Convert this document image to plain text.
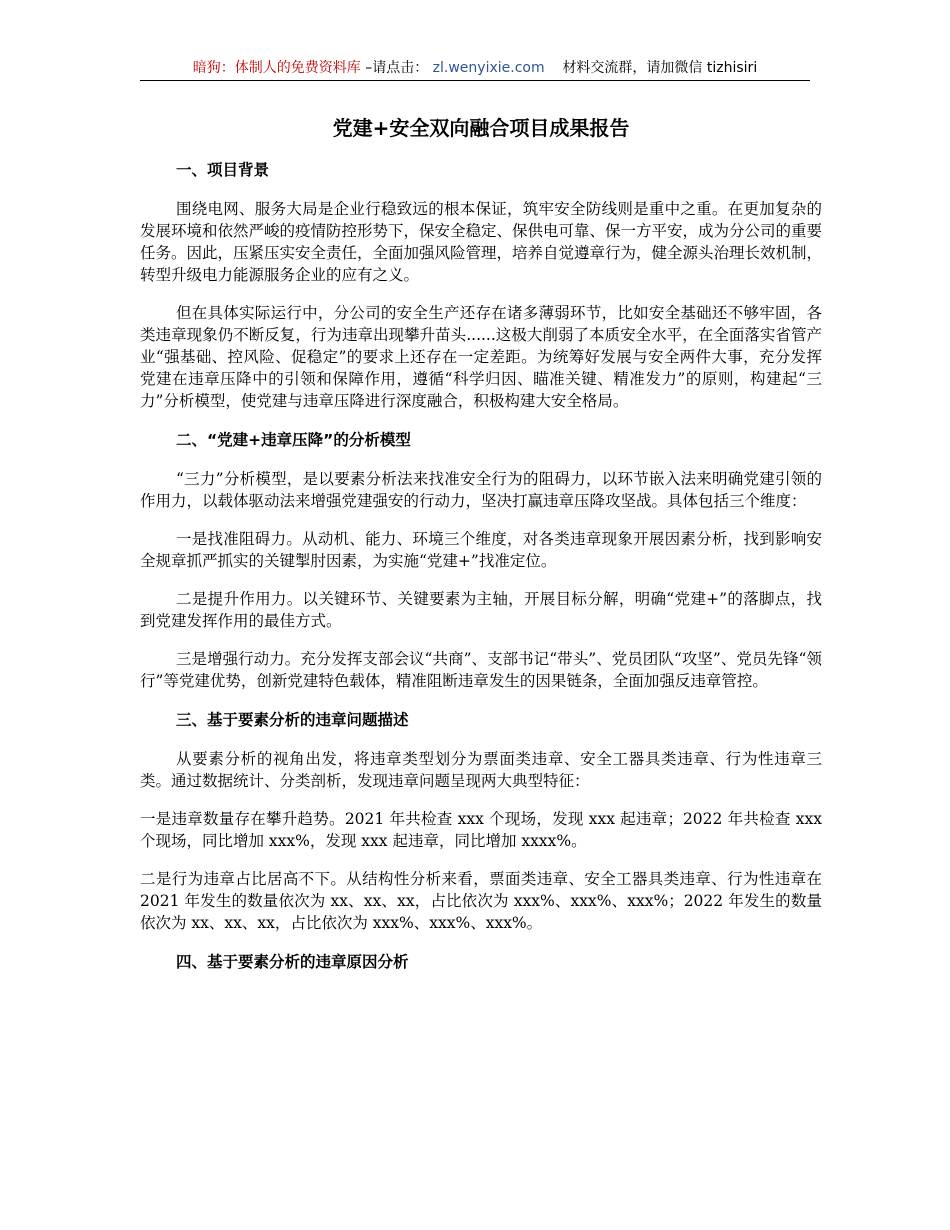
暗狗：体制人的免费资料库 –请点击： zl.wenyixie.com 材料交流群，请加微信 tizhisiri
党建+安全双向融合项目成果报告
一、项目背景

围绕电网、服务大局是企业行稳致远的根本保证，筑牢安全防线则是重中之重。在更加复杂的发展环境和依然严峻的疫情防控形势下，保安全稳定、保供电可靠、保一方平安，成为分公司的重要任务。因此，压紧压实安全责任，全面加强风险管理，培养自觉遵章行为，健全源头治理长效机制，转型升级电力能源服务企业的应有之义。

但在具体实际运行中，分公司的安全生产还存在诸多薄弱环节，比如安全基础还不够牢固，各类违章现象仍不断反复，行为违章出现攀升苗头......这极大削弱了本质安全水平，在全面落实省管产业“强基础、控风险、促稳定”的要求上还存在一定差距。为统筹好发展与安全两件大事，充分发挥党建在违章压降中的引领和保障作用，遵循“科学归因、瞄准关键、精准发力”的原则，构建起“三力”分析模型，使党建与违章压降进行深度融合，积极构建大安全格局。

二、“党建+违章压降”的分析模型

“三力”分析模型，是以要素分析法来找准安全行为的阻碍力，以环节嵌入法来明确党建引领的作用力，以载体驱动法来增强党建强安的行动力，坚决打赢违章压降攻坚战。具体包括三个维度：

一是找准阻碍力。从动机、能力、环境三个维度，对各类违章现象开展因素分析，找到影响安全规章抓严抓实的关键掣肘因素，为实施“党建+”找准定位。

二是提升作用力。以关键环节、关键要素为主轴，开展目标分解，明确“党建+”的落脚点，找到党建发挥作用的最佳方式。

三是增强行动力。充分发挥支部会议“共商”、支部书记“带头”、党员团队“攻坚”、党员先锋“领行”等党建优势，创新党建特色载体，精准阻断违章发生的因果链条，全面加强反违章管控。

三、基于要素分析的违章问题描述

从要素分析的视角出发，将违章类型划分为票面类违章、安全工器具类违章、行为性违章三类。通过数据统计、分类剖析，发现违章问题呈现两大典型特征：

一是违章数量存在攀升趋势。2021 年共检查 xxx 个现场，发现 xxx 起违章；2022 年共检查 xxx 个现场，同比增加 xxx%，发现 xxx 起违章，同比增加 xxxx%。

二是行为违章占比居高不下。从结构性分析来看，票面类违章、安全工器具类违章、行为性违章在 2021 年发生的数量依次为 xx、xx、xx，占比依次为 xxx%、xxx%、xxx%；2022 年发生的数量依次为 xx、xx、xx，占比依次为 xxx%、xxx%、xxx%。

四、基于要素分析的违章原因分析
